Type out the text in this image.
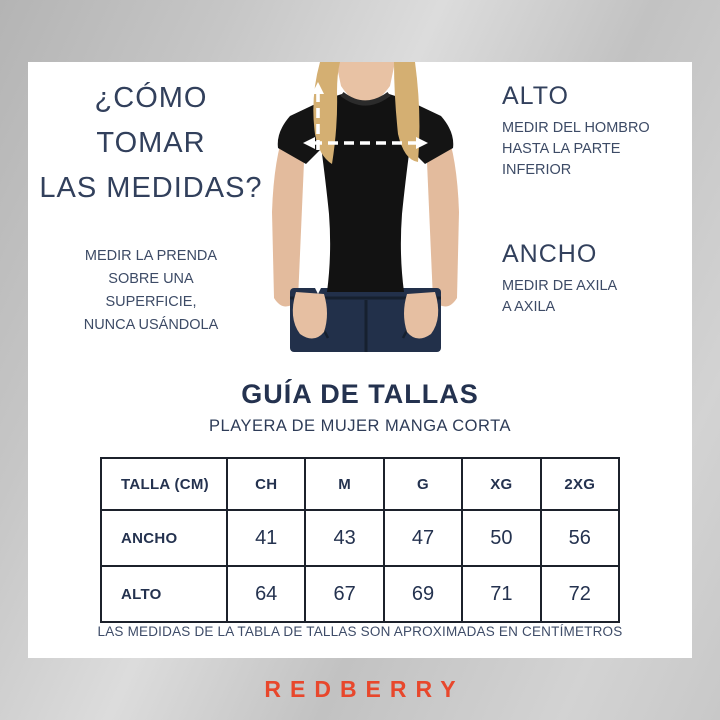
¿CÓMO TOMAR
LAS MEDIDAS?
MEDIR LA PRENDA
SOBRE UNA
SUPERFICIE,
NUNCA USÁNDOLA
ALTO
MEDIR DEL HOMBRO
HASTA LA PARTE
INFERIOR
ANCHO
MEDIR DE AXILA
A AXILA
GUÍA DE TALLAS
PLAYERA DE MUJER MANGA CORTA
TALLA (CM)	CH	M	G	XG	2XG
ANCHO	41	43	47	50	56
ALTO	64	67	69	71	72
LAS MEDIDAS DE LA TABLA DE TALLAS SON APROXIMADAS EN CENTÍMETROS
REDBERRY
